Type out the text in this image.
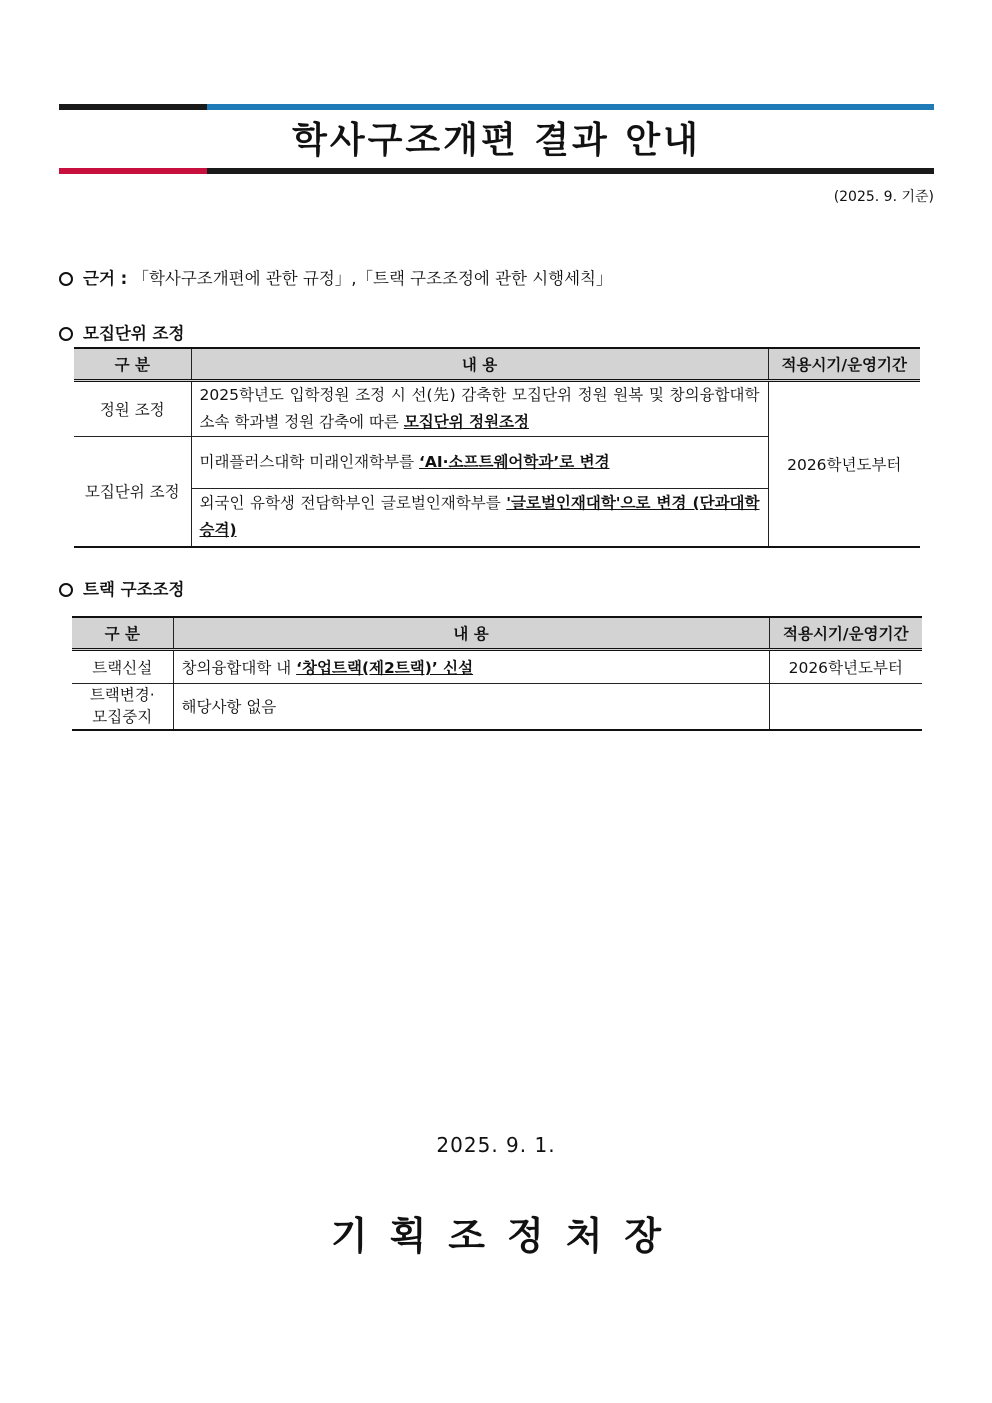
학사구조개편 결과 안내
(2025. 9. 기준)
근거 : 「학사구조개편에 관한 규정」,「트랙 구조조정에 관한 시행세칙」
모집단위 조정
구 분	내 용	적용시기/운영기간
정원 조정	2025학년도 입학정원 조정 시 선(先) 감축한 모집단위 정원 원복 및 창의융합대학 소속 학과별 정원 감축에 따른 모집단위 정원조정	2026학년도부터
모집단위 조정	미래플러스대학 미래인재학부를 ‘AI·소프트웨어학과’로 변경	
	외국인 유학생 전담학부인 글로벌인재학부를 '글로벌인재대학'으로 변경 (단과대학 승격)	
트랙 구조조정
구 분	내 용	적용시기/운영기간
트랙신설	창의융합대학 내 ‘창업트랙(제2트랙)’ 신설	2026학년도부터
트랙변경·모집중지	해당사항 없음	
2025. 9. 1.
기획조정처장
